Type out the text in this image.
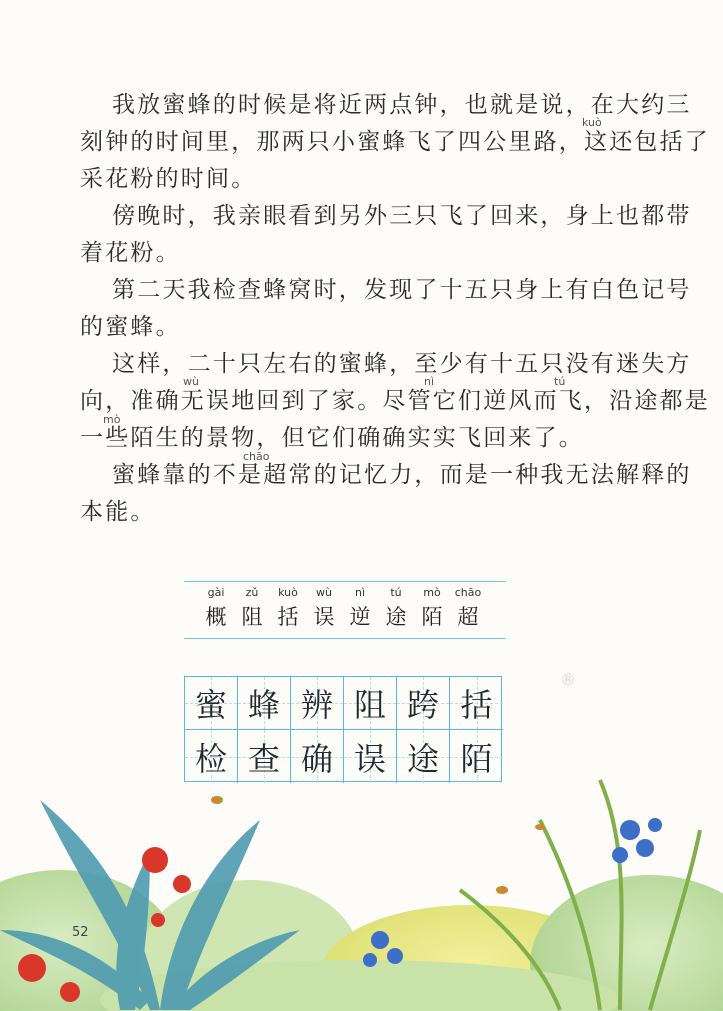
我放蜜蜂的时候是将近两点钟，也就是说，在大约三
kuò
刻钟的时间里，那两只小蜜蜂飞了四公里路，这还包括了
采花粉的时间。
傍晚时，我亲眼看到另外三只飞了回来，身上也都带
着花粉。
第二天我检查蜂窝时，发现了十五只身上有白色记号
的蜜蜂。
这样，二十只左右的蜜蜂，至少有十五只没有迷失方
wù	nì	tú
向，准确无误地回到了家。尽管它们逆风而飞，沿途都是
mò
一些陌生的景物，但它们确确实实飞回来了。
chāo
蜜蜂靠的不是超常的记忆力，而是一种我无法解释的
本能。
gài
概
zǔ
阻
kuò
括
wù
误
nì
逆
tú
途
mò
陌
chāo
超
蜜 蜂 辨 阻 跨 括
检 查 确 误 途 陌
®
52
